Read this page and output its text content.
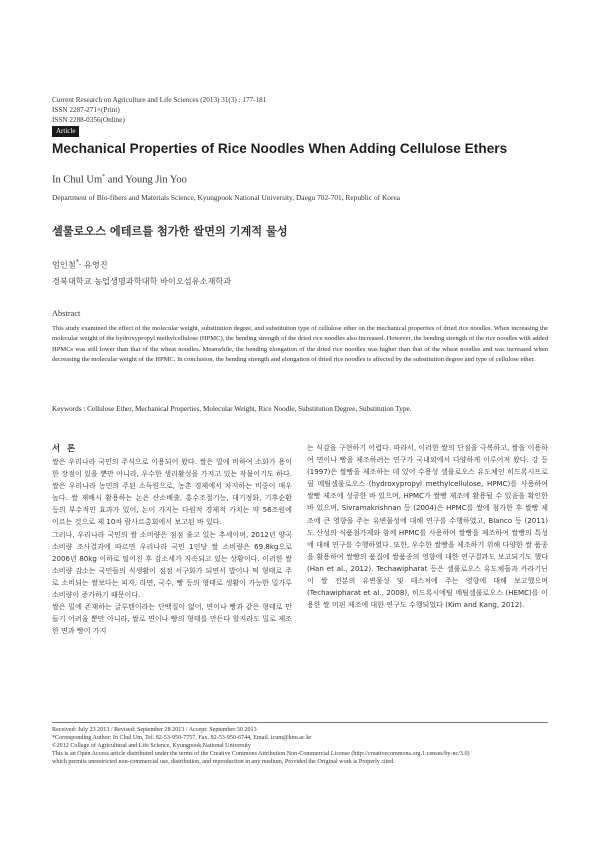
Current Research on Agriculture and Life Sciences (2013) 31(3) : 177-181
ISSN 2287-271×(Print)
ISSN 2288-0356(Online)
Article
Mechanical Properties of Rice Noodles When Adding Cellulose Ethers
In Chul Um* and Young Jin Yoo
Department of Bio-fibers and Materials Science, Kyungpook National University, Daegu 702-701, Republic of Korea
셀룰로오스 에테르를 첨가한 쌀면의 기계적 물성
엄인철*· 유영진
경북대학교 농업생명과학대학 바이오섬유소재학과
Abstract
This study examined the effect of the molecular weight, substitution degree, and substitution type of cellulose ether on the mechanical properties of dried rice noodles. When increasing the molecular weight of the hydroxypropyl methylcellulose (HPMC), the bending strength of the dried rice noodles also increased. However, the bending strength of the rice noodles with added HPMCs was still lower than that of the wheat noodles. Meanwhile, the bending elongation of the dried rice noodles was higher than that of the wheat noodles and was increased when decreasing the molecular weight of the HPMC. In conclusion, the bending strength and elongation of dried rice noodles is affected by the substitution degree and type of cellulose ether.
Keywords : Cellulose Ether, Mechanical Properties, Molecular Weight, Rice Noodle, Substitution Degree, Substitution Type.
서 론

쌀은 우리나라 국민의 주식으로 이용되어 왔다. 쌀은 밀에 비하여 소화가 용이한 장점이 있을 뿐만 아니라, 우수한 생리활성을 가지고 있는 작물이기도 하다. 쌀은 우리나라 농민의 주된 소득원으로, 농촌 경제에서 차지하는 비중이 매우 높다. 쌀 재배시 활용하는 논은 산소배출, 홍수조절기능, 대기정화, 기후순환 등의 부수적인 효과가 있어, 논이 가지는 다원적 경제적 가치는 약 56조원에 이르는 것으로 제 10차 람사르총회에서 보고된 바 있다.

그러나, 우리나라 국민의 쌀 소비량은 점점 줄고 있는 추세이며, 2012년 양곡소비량 조사결과에 따르면 우리나라 국민 1인당 쌀 소비량은 69.8kg으로 2006년 80kg 이하로 떨어진 후 감소세가 지속되고 있는 상황이다. 이러한 쌀 소비량 감소는 국민들의 식생활이 점점 서구화가 되면서 밥이나 떡 형태로 주로 소비되는 쌀보다는 피자, 라면, 국수, 빵 등의 형태로 생활이 가능한 밀가루 소비량이 증가하기 때문이다.

쌀은 밀에 존재하는 글루텐이라는 단백질이 없어, 면이나 빵과 같은 형태로 만들기 어려울 뿐만 아니라, 쌀로 면이나 빵의 형태를 만든다 할지라도 밀로 제조한 면과 빵이 가지

는 식감을 구현하기 어렵다. 따라서, 이러한 쌀의 단점을 극복하고, 쌀을 이용하여 면이나 빵을 제조하려는 연구가 국내외에서 다양하게 이루어져 왔다. 강 등 (1997)은 쌀빵을 제조하는 데 있어 수용성 셀룰로오스 유도체인 히드록시프로필 메틸셀룰로오스 (hydroxypropyl methylcellulose, HPMC)를 사용하여 쌀빵 제조에 성공한 바 있으며, HPMC가 쌀빵 제조에 활용될 수 있음을 확인한 바 있으며, Sivramakrishnan 등 (2004)은 HPMC를 쌀에 첨가한 후 쌀빵 제조에 큰 영향을 주는 유변물성에 대해 연구를 수행하였고, Blanco 등 (2011)도 산성의 식품첨가제와 함께 HPMC를 사용하여 쌀빵을 제조하여 쌀빵의 특성에 대해 연구를 수행하였다. 또한, 우수한 쌀빵을 제조하기 위해 다양한 쌀 품종을 활용하여 쌀빵의 품질에 쌀품종의 영향에 대한 연구결과도 보고되기도 했다 (Han et al., 2012). Techawipharat 등은 셀룰로오스 유도체들과 카라기닌이 쌀 전분의 유변물성 및 테스처에 주는 영향에 대해 보고했으며 (Techawipharat et al., 2008), 히드록시에틸 메틸셀룰로오스 (HEMC)를 이용한 쌀 머핀 제조에 대한 연구도 수행되었다 (Kim and Kang, 2012).

Received: July 23 2013 / Revised: September 28 2013 / Accept: September 30 2013
*Corresponding Author: In Chul Um, Tel. 82-53-950-7757, Fax. 82-53-950-6744, Email. icum@knu.ac.kr
©2012 College of Agricultural and Life Science, Kyungpook National University
This is an Open Access article distributed under the terms of the Creative Commons Attribution Non-Commercial License (http://creativecommons.org.1:censes/by-nc/3.0)
which permits unrestricted non-commercial use, distribution, and reproduction in any medium, Provided the Original work is Properly cited.
